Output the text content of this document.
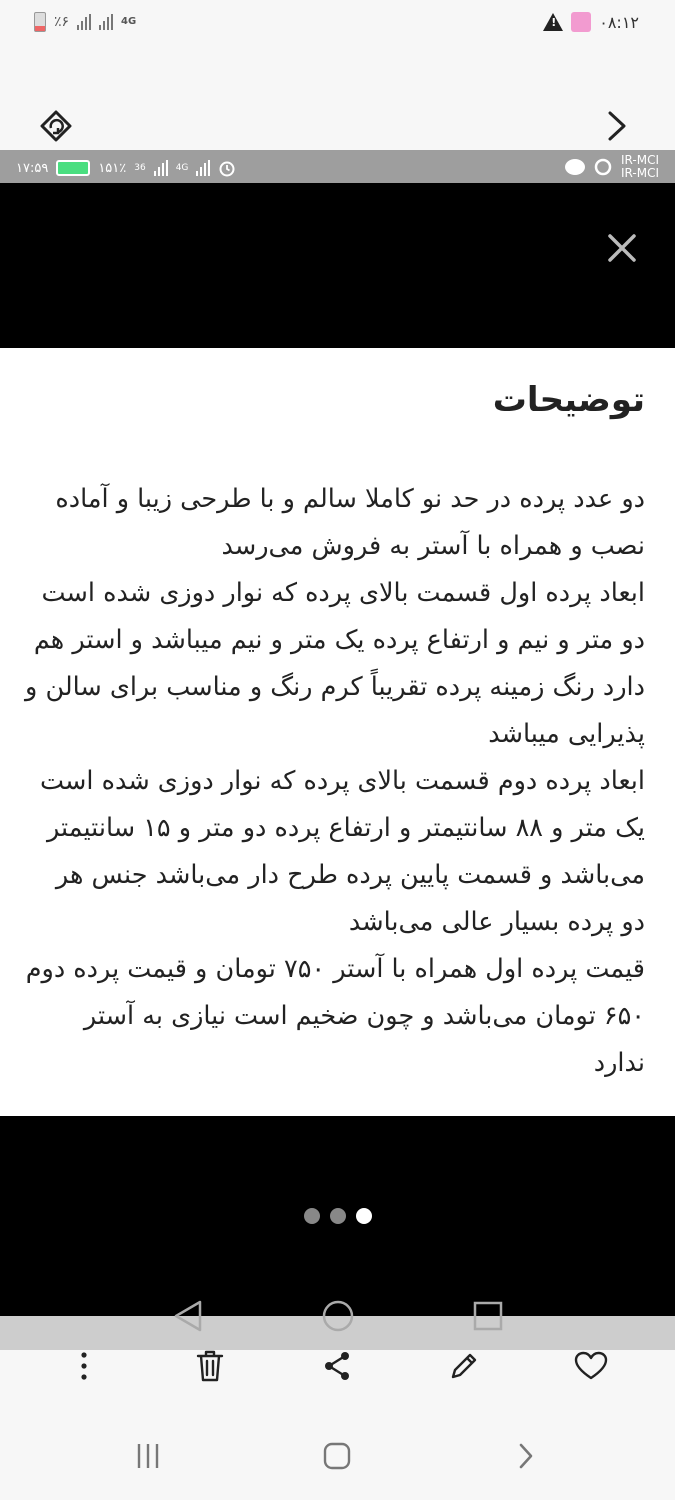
٪۶	4G
!	۰۸:۱۲
۱۷:۵۹	۱۵۱٪ 36	4G
IR-MCI
IR-MCI
توضیحات
دو عدد پرده در حد نو کاملا سالم و با طرحی زیبا و آماده نصب و همراه با آستر به فروش می‌رسد
ابعاد پرده اول قسمت بالای پرده که نوار دوزی شده است دو متر و نیم و ارتفاع پرده یک متر و نیم میباشد و استر هم دارد رنگ زمینه پرده تقریباً کرم رنگ و مناسب برای سالن و پذیرایی میباشد
ابعاد پرده دوم قسمت بالای پرده که نوار دوزی شده است یک متر و ۸۸ سانتیمتر و ارتفاع پرده دو متر و ۱۵ سانتیمتر می‌باشد و قسمت پایین پرده طرح دار می‌باشد جنس هر دو پرده بسیار عالی می‌باشد
قیمت پرده اول همراه با آستر ۷۵۰ تومان و قیمت پرده دوم ۶۵۰ تومان می‌باشد و چون ضخیم است نیازی به آستر ندارد
